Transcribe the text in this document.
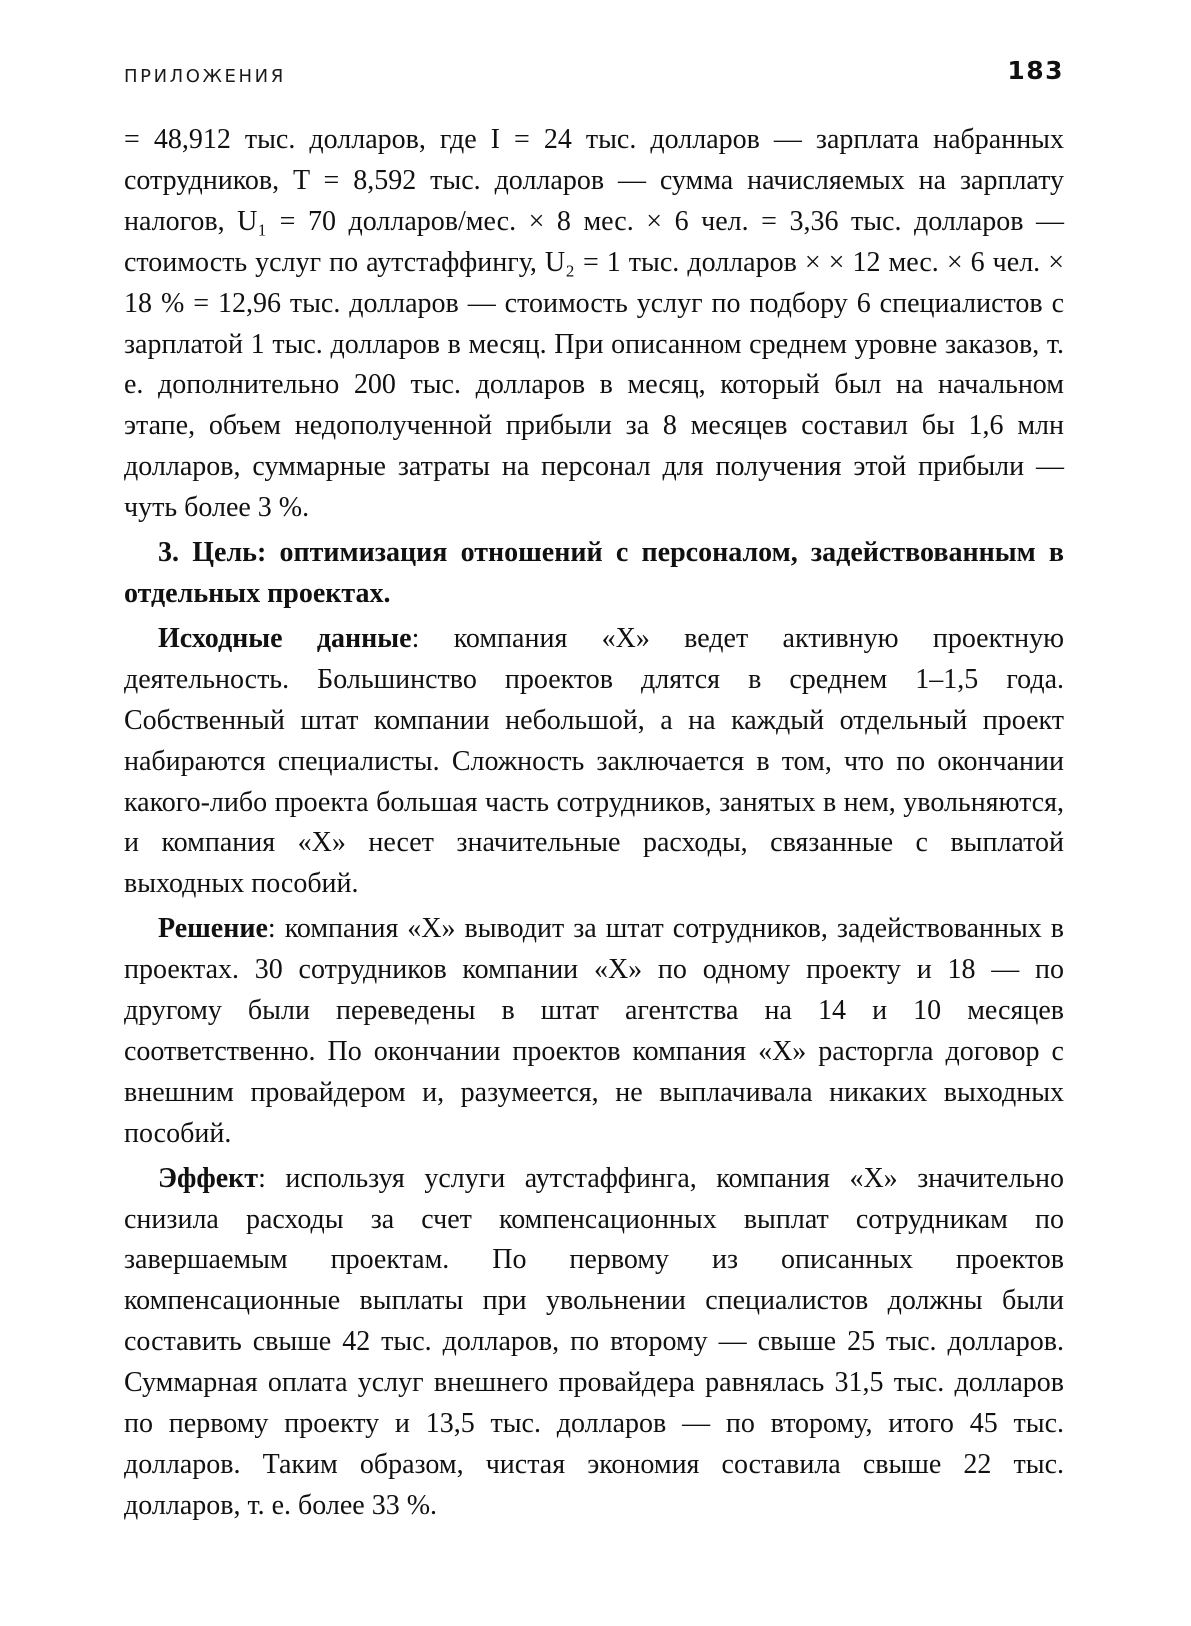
ПРИЛОЖЕНИЯ	183

= 48,912 тыс. долларов, где I = 24 тыс. долларов — зарплата набранных сотрудников, T = 8,592 тыс. долларов — сумма начисляемых на зарплату налогов, U₁ = 70 долларов/мес. × 8 мес. × 6 чел. = 3,36 тыс. долларов — стоимость услуг по аутстаффингу, U₂ = 1 тыс. долларов × × 12 мес. × 6 чел. × 18 % = 12,96 тыс. долларов — стоимость услуг по подбору 6 специалистов с зарплатой 1 тыс. долларов в месяц. При описанном среднем уровне заказов, т. е. дополнительно 200 тыс. долларов в месяц, который был на начальном этапе, объем недополученной прибыли за 8 месяцев составил бы 1,6 млн долларов, суммарные затраты на персонал для получения этой прибыли — чуть более 3 %.

3. Цель: оптимизация отношений с персоналом, задействованным в отдельных проектах.

Исходные данные: компания «Х» ведет активную проектную деятельность. Большинство проектов длятся в среднем 1–1,5 года. Собственный штат компании небольшой, а на каждый отдельный проект набираются специалисты. Сложность заключается в том, что по окончании какого-либо проекта большая часть сотрудников, занятых в нем, увольняются, и компания «Х» несет значительные расходы, связанные с выплатой выходных пособий.

Решение: компания «Х» выводит за штат сотрудников, задействованных в проектах. 30 сотрудников компании «Х» по одному проекту и 18 — по другому были переведены в штат агентства на 14 и 10 месяцев соответственно. По окончании проектов компания «Х» расторгла договор с внешним провайдером и, разумеется, не выплачивала никаких выходных пособий.

Эффект: используя услуги аутстаффинга, компания «Х» значительно снизила расходы за счет компенсационных выплат сотрудникам по завершаемым проектам. По первому из описанных проектов компенсационные выплаты при увольнении специалистов должны были составить свыше 42 тыс. долларов, по второму — свыше 25 тыс. долларов. Суммарная оплата услуг внешнего провайдера равнялась 31,5 тыс. долларов по первому проекту и 13,5 тыс. долларов — по второму, итого 45 тыс. долларов. Таким образом, чистая экономия составила свыше 22 тыс. долларов, т. е. более 33 %.
